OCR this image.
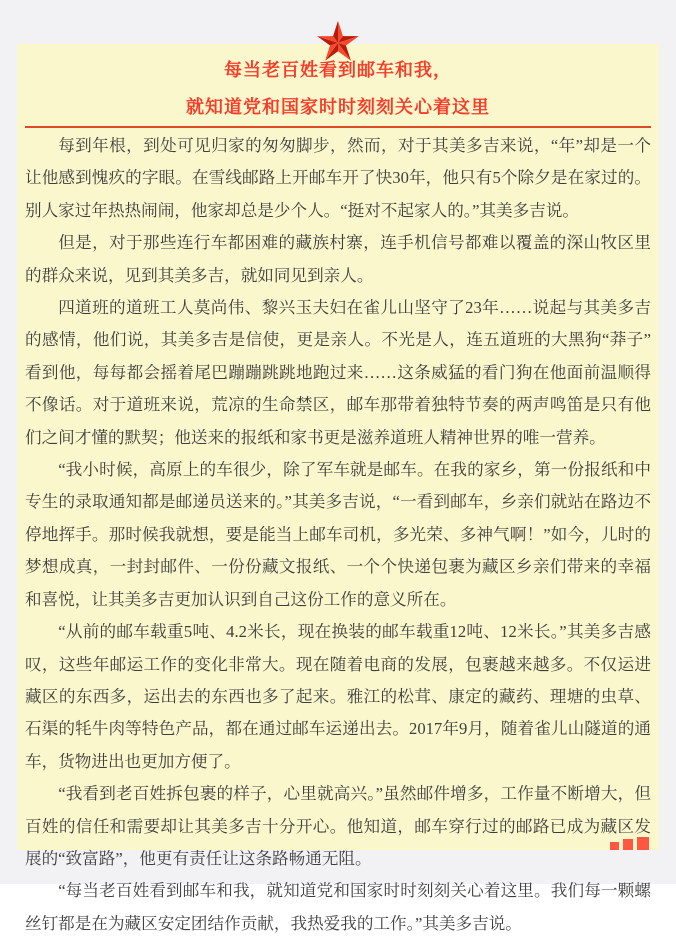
每当老百姓看到邮车和我，
就知道党和国家时时刻刻关心着这里

每到年根，到处可见归家的匆匆脚步，然而，对于其美多吉来说，“年”却是一个让他感到愧疚的字眼。在雪线邮路上开邮车开了快30年，他只有5个除夕是在家过的。别人家过年热热闹闹，他家却总是少个人。“挺对不起家人的。”其美多吉说。

但是，对于那些连行车都困难的藏族村寨，连手机信号都难以覆盖的深山牧区里的群众来说，见到其美多吉，就如同见到亲人。

四道班的道班工人莫尚伟、黎兴玉夫妇在雀儿山坚守了23年……说起与其美多吉的感情，他们说，其美多吉是信使，更是亲人。不光是人，连五道班的大黑狗“莽子”看到他，每每都会摇着尾巴蹦蹦跳跳地跑过来……这条威猛的看门狗在他面前温顺得不像话。对于道班来说，荒凉的生命禁区，邮车那带着独特节奏的两声鸣笛是只有他们之间才懂的默契；他送来的报纸和家书更是滋养道班人精神世界的唯一营养。

“我小时候，高原上的车很少，除了军车就是邮车。在我的家乡，第一份报纸和中专生的录取通知都是邮递员送来的。”其美多吉说，“一看到邮车，乡亲们就站在路边不停地挥手。那时候我就想，要是能当上邮车司机，多光荣、多神气啊！”如今，儿时的梦想成真，一封封邮件、一份份藏文报纸、一个个快递包裹为藏区乡亲们带来的幸福和喜悦，让其美多吉更加认识到自己这份工作的意义所在。

“从前的邮车载重5吨、4.2米长，现在换装的邮车载重12吨、12米长。”其美多吉感叹，这些年邮运工作的变化非常大。现在随着电商的发展，包裹越来越多。不仅运进藏区的东西多，运出去的东西也多了起来。雅江的松茸、康定的藏药、理塘的虫草、石渠的牦牛肉等特色产品，都在通过邮车运递出去。2017年9月，随着雀儿山隧道的通车，货物进出也更加方便了。

“我看到老百姓拆包裹的样子，心里就高兴。”虽然邮件增多，工作量不断增大，但百姓的信任和需要却让其美多吉十分开心。他知道，邮车穿行过的邮路已成为藏区发展的“致富路”，他更有责任让这条路畅通无阻。

“每当老百姓看到邮车和我，就知道党和国家时时刻刻关心着这里。我们每一颗螺丝钉都是在为藏区安定团结作贡献，我热爱我的工作。”其美多吉说。
